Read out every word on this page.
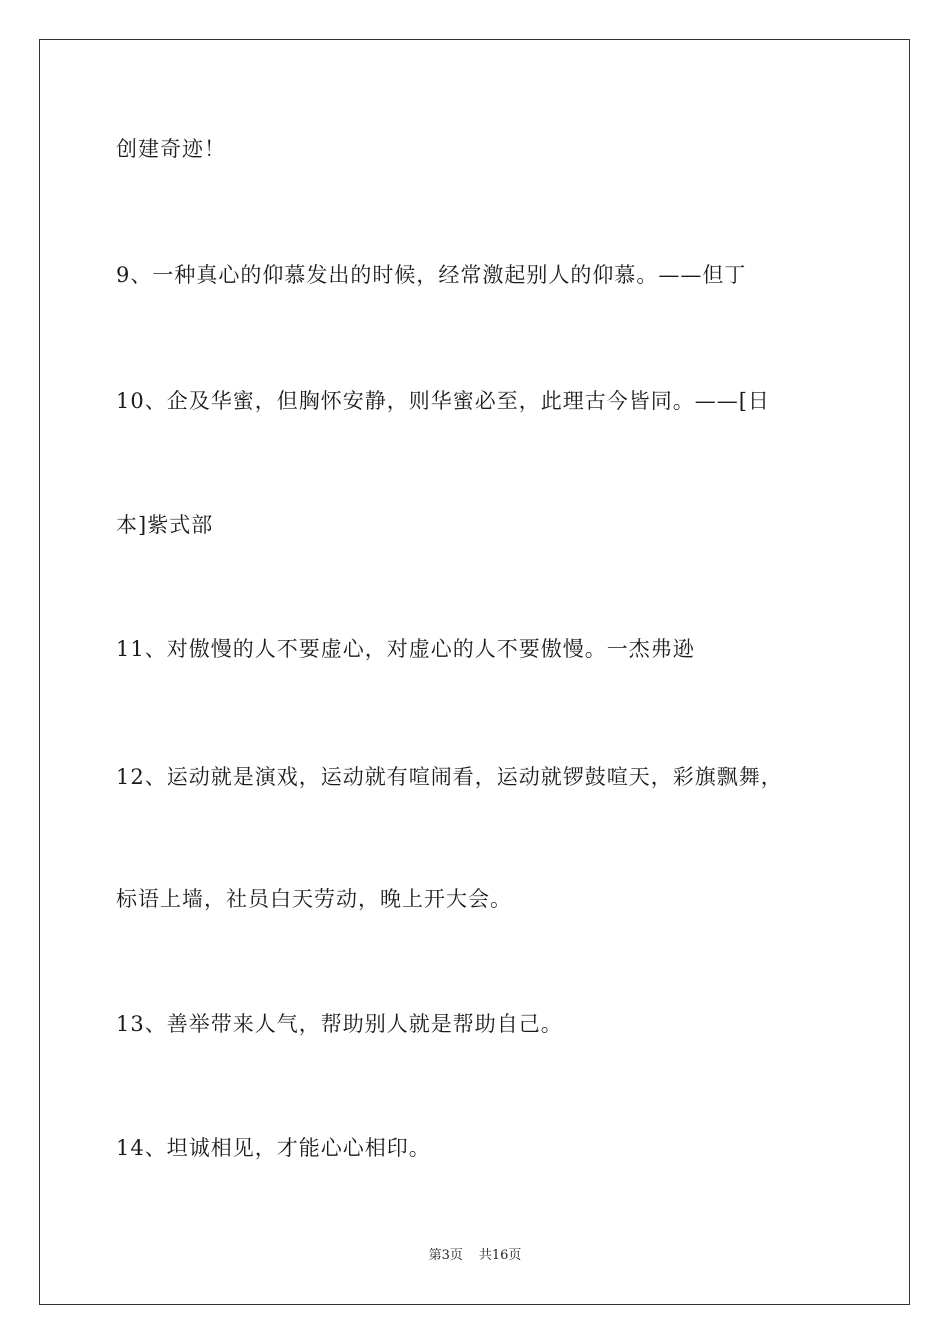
创建奇迹！
9、一种真心的仰慕发出的时候，经常激起别人的仰慕。——但丁
10、企及华蜜，但胸怀安静，则华蜜必至，此理古今皆同。——[日
本]紫式部
11、对傲慢的人不要虚心，对虚心的人不要傲慢。一杰弗逊
12、运动就是演戏，运动就有喧闹看，运动就锣鼓喧天，彩旗飘舞，
标语上墙，社员白天劳动，晚上开大会。
13、善举带来人气，帮助别人就是帮助自己。
14、坦诚相见，才能心心相印。
第3页 共16页
